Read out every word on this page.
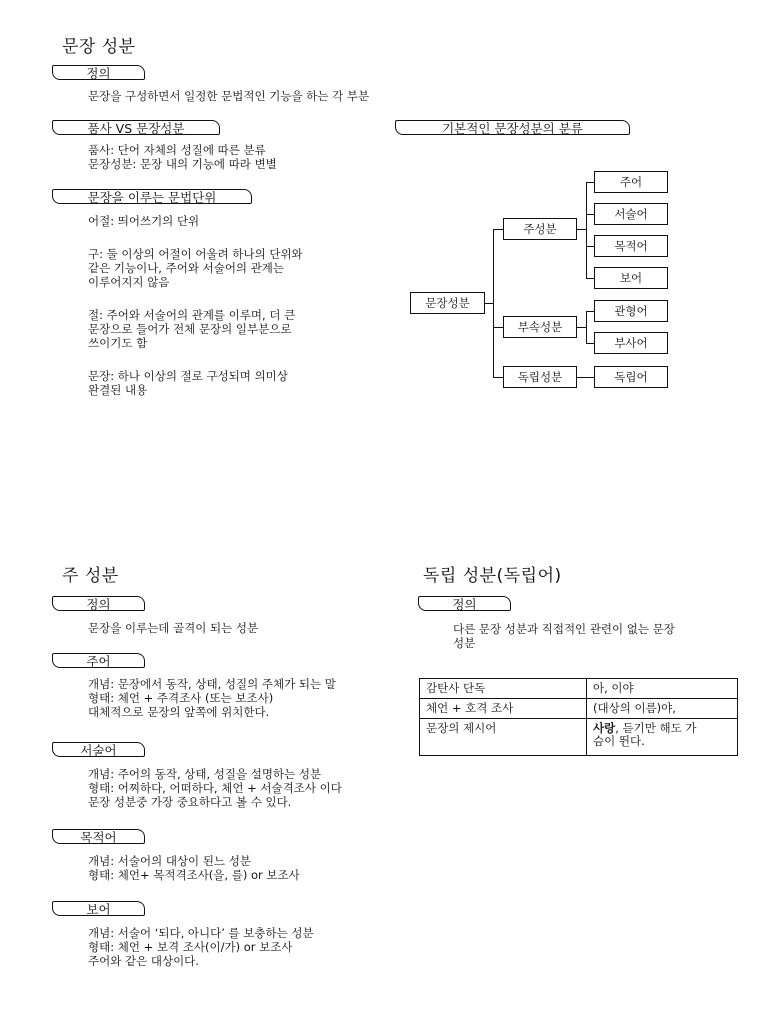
문장 성분
정의
문장을 구성하면서 일정한 문법적인 기능을 하는 각 부분
품사 VS 문장성분
품사: 단어 자체의 성질에 따른 분류
문장성분: 문장 내의 기능에 따라 변별
문장을 이루는 문법단위
어절: 띄어쓰기의 단위
구: 둘 이상의 어절이 어울려 하나의 단위와
같은 기능이나, 주어와 서술어의 관계는
이루어지지 않음
절: 주어와 서술어의 관계를 이루며, 더 큰
문장으로 들어가 전체 문장의 일부분으로
쓰이기도 함
문장: 하나 이상의 절로 구성되며 의미상
완결된 내용
기본적인 문장성분의 분류
문장성분
주성분
부속성분
독립성분
주어
서술어
목적어
보어
관형어
부사어
독립어
주 성분
정의
문장을 이루는데 골격이 되는 성분
주어
개념: 문장에서 동작, 상태, 성질의 주체가 되는 말
형태: 체언 + 주격조사 (또는 보조사)
대체적으로 문장의 앞쪽에 위치한다.
서술어
개념: 주어의 동작, 상태, 성질을 설명하는 성분
형태: 어찌하다, 어떠하다, 체언 + 서술격조사 이다
문장 성분중 가장 중요하다고 볼 수 있다.
목적어
개념: 서술어의 대상이 된느 성분
형태: 체언+ 목적격조사(을, 를) or 보조사
보어
개념: 서술어 ‘되다, 아니다’ 를 보충하는 성분
형태: 체언 + 보격 조사(이/가) or 보조사
주어와 같은 대상이다.
독립 성분(독립어)
정의
다른 문장 성분과 직접적인 관련이 없는 문장
성분
감탄사 단독	아, 이야
체언 + 호격 조사	(대상의 이름)야,
문장의 제시어	사랑, 듣기만 해도 가
슴이 뛴다.
